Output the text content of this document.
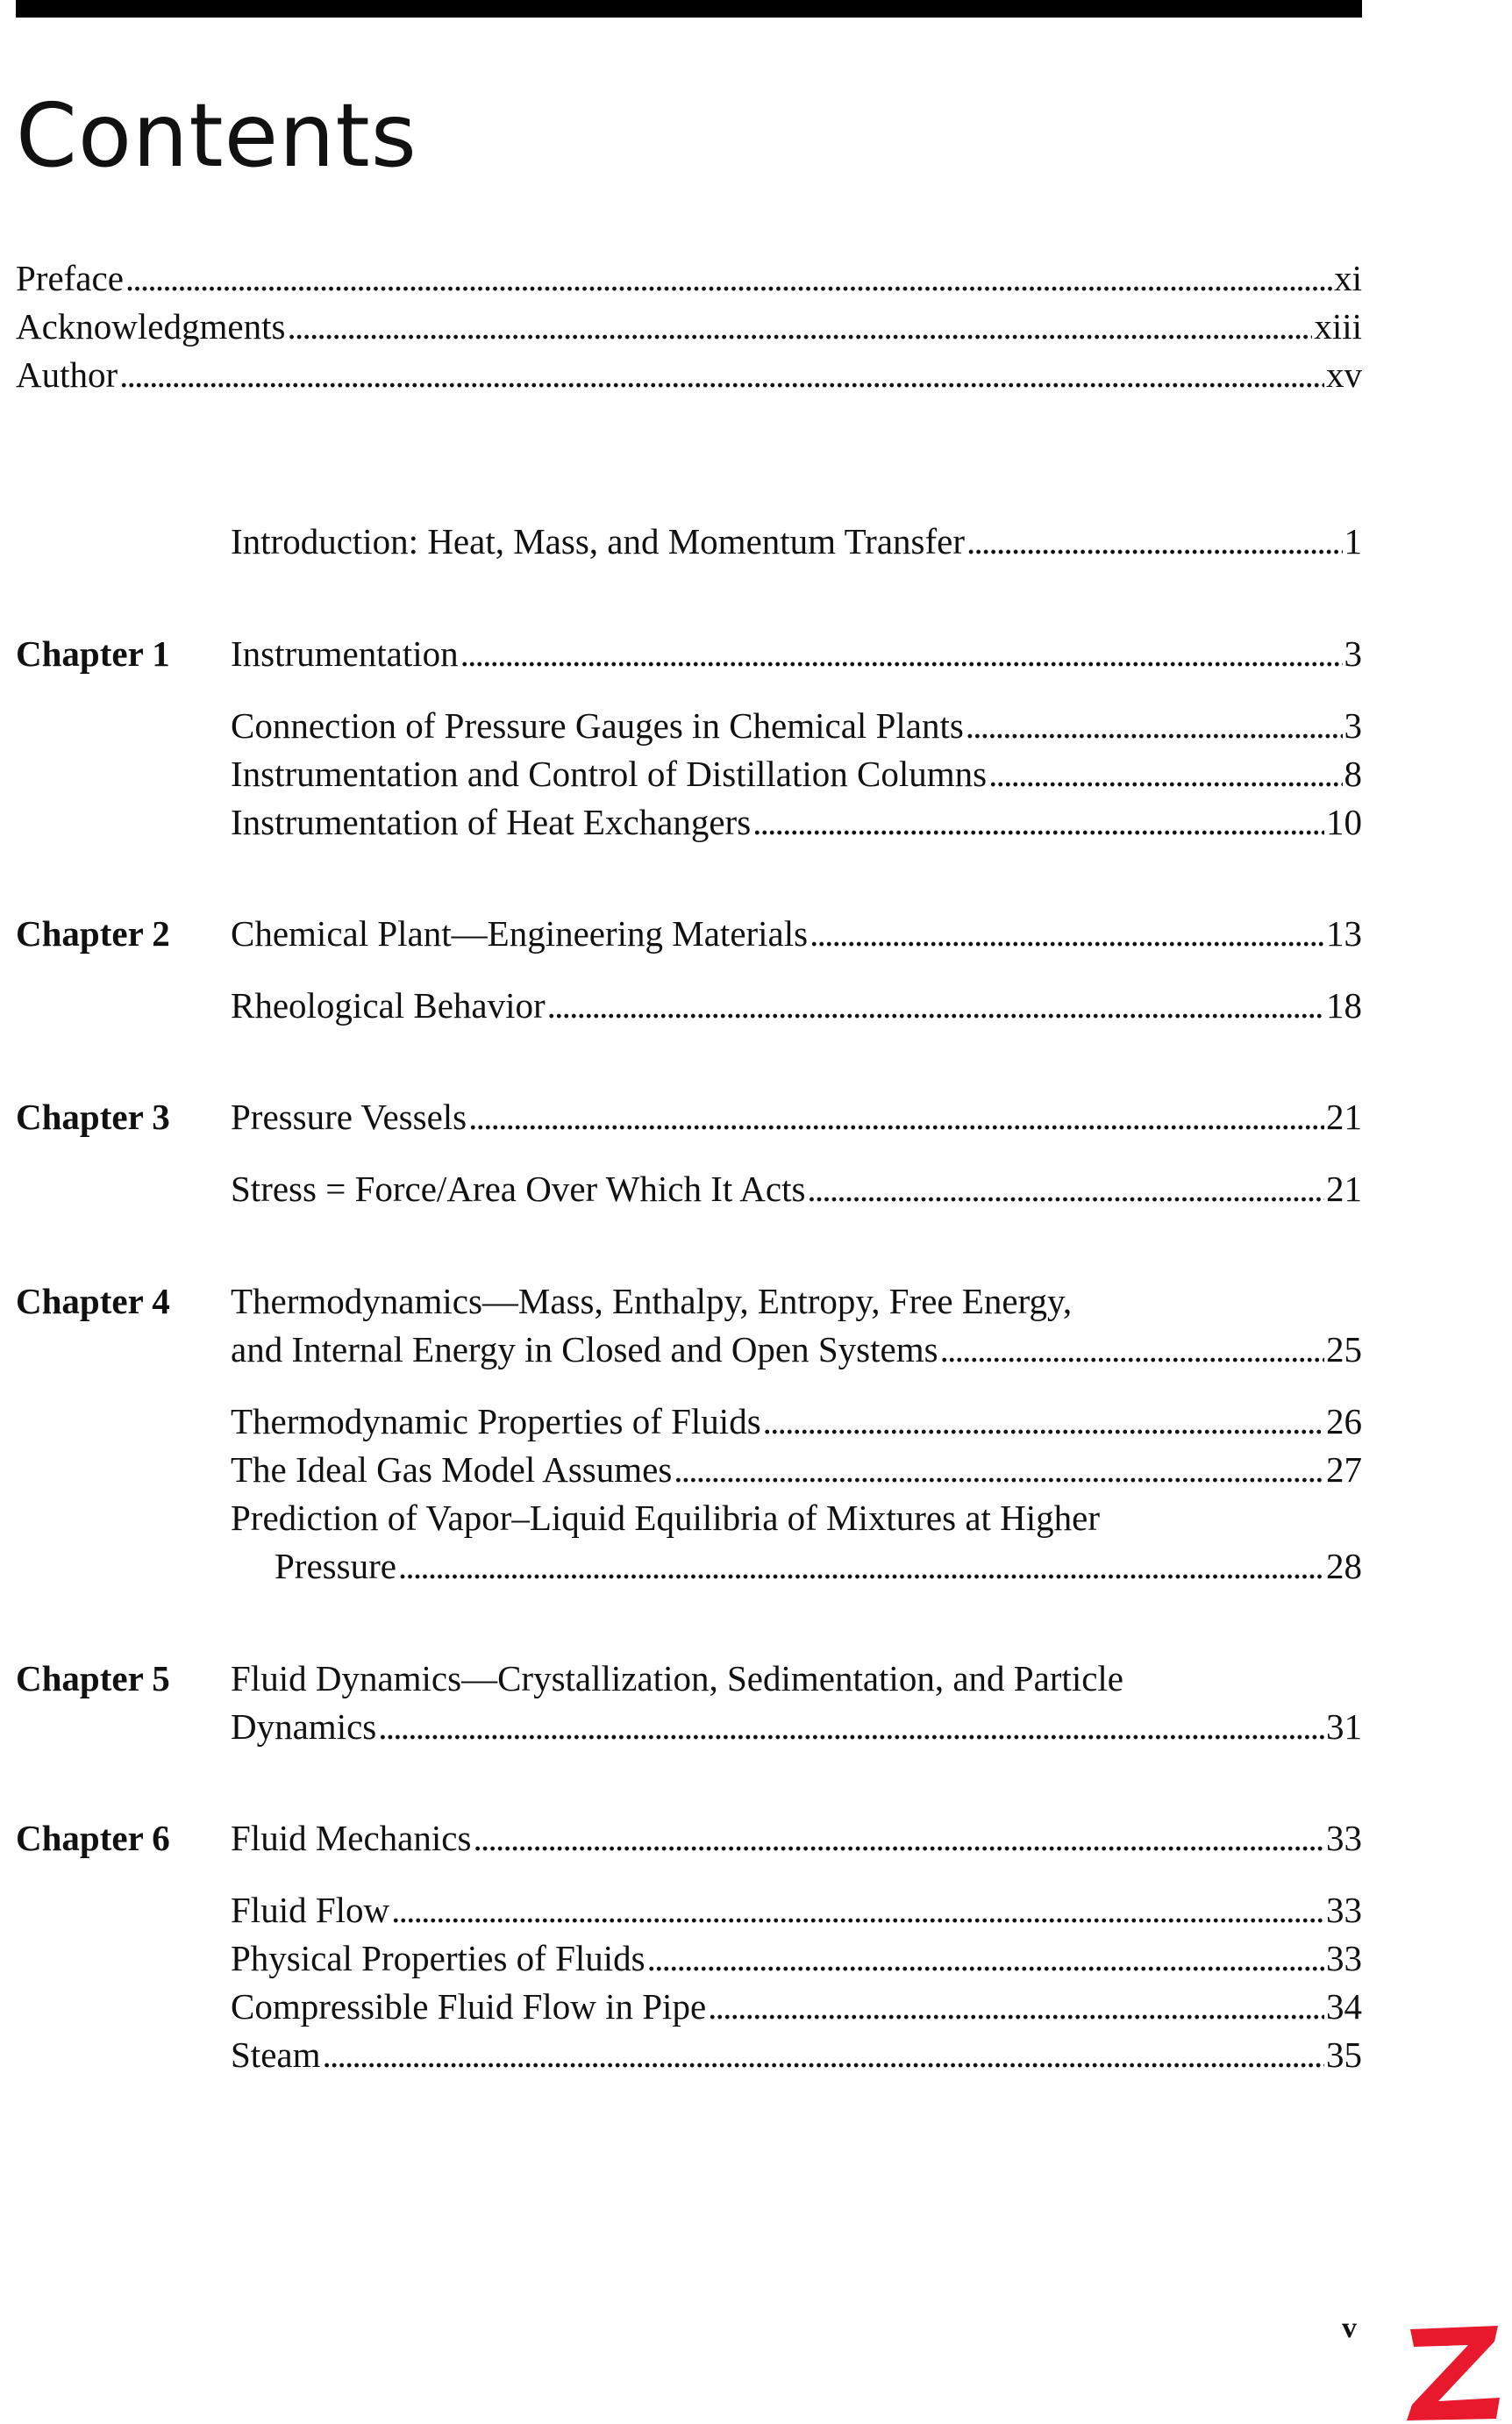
Contents
Preface . . .	xi
Acknowledgments . . .	xiii
Author . . .	xv
Introduction: Heat, Mass, and Momentum Transfer . . .	1
Chapter 1 Instrumentation . . .	3
Connection of Pressure Gauges in Chemical Plants . . .	3
Instrumentation and Control of Distillation Columns . . .	8
Instrumentation of Heat Exchangers . . .	10
Chapter 2 Chemical Plant—Engineering Materials . . .	13
Rheological Behavior . . .	18
Chapter 3 Pressure Vessels . . .	21
Stress = Force/Area Over Which It Acts . . .	21
Chapter 4 Thermodynamics—Mass, Enthalpy, Entropy, Free Energy,
and Internal Energy in Closed and Open Systems . . .	25
Thermodynamic Properties of Fluids . . .	26
The Ideal Gas Model Assumes . . .	27
Prediction of Vapor–Liquid Equilibria of Mixtures at Higher
Pressure . . .	28
Chapter 5 Fluid Dynamics—Crystallization, Sedimentation, and Particle
Dynamics . . .	31
Chapter 6 Fluid Mechanics . . .	33
Fluid Flow . . .	33
Physical Properties of Fluids . . .	33
Compressible Fluid Flow in Pipe . . .	34
Steam . . .	35
v
